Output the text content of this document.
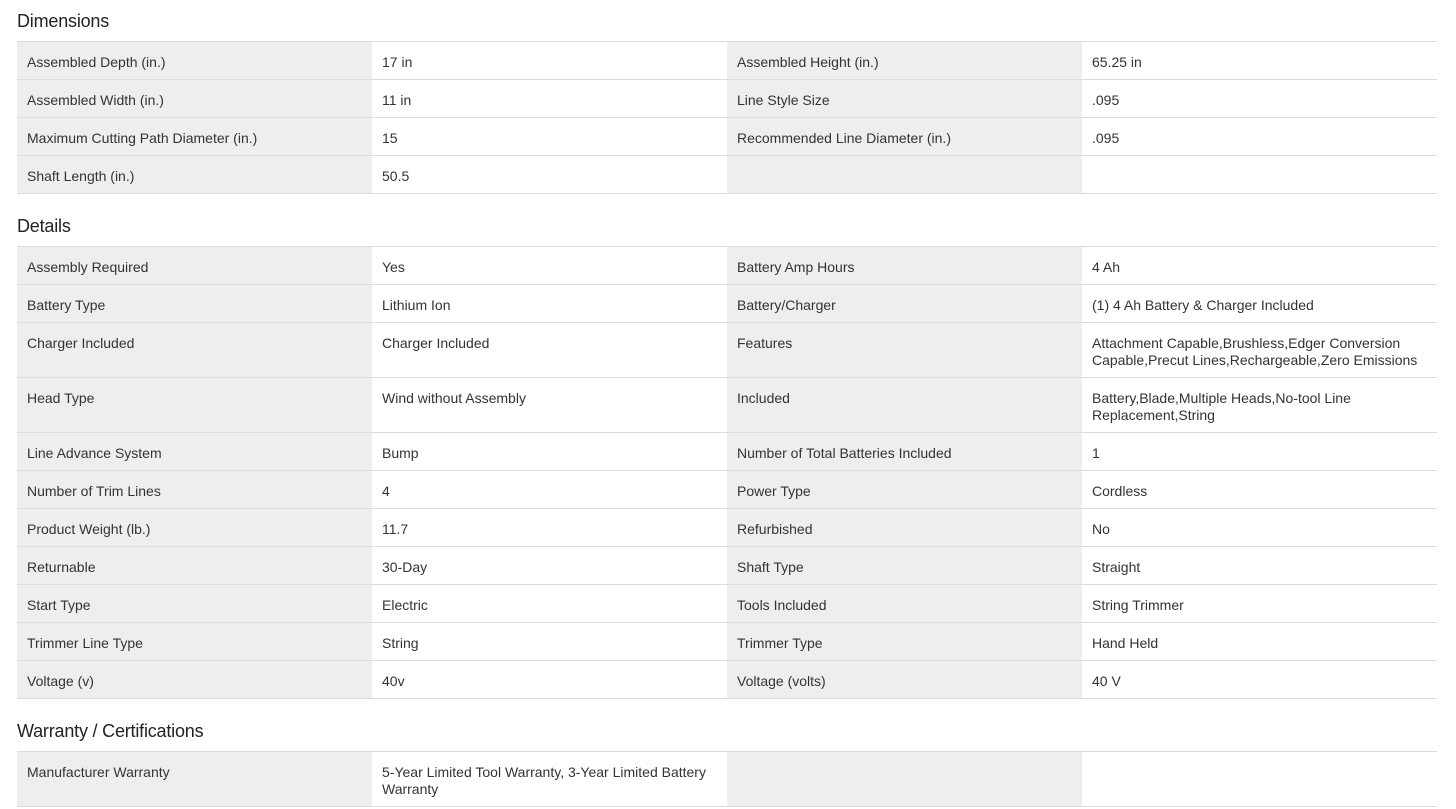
Dimensions
Assembled Depth (in.)	17 in	Assembled Height (in.)	65.25 in
Assembled Width (in.)	11 in	Line Style Size	.095
Maximum Cutting Path Diameter (in.)	15	Recommended Line Diameter (in.)	.095
Shaft Length (in.)	50.5
Details
Assembly Required	Yes	Battery Amp Hours	4 Ah
Battery Type	Lithium Ion	Battery/Charger	(1) 4 Ah Battery & Charger Included
Charger Included	Charger Included	Features	Attachment Capable,Brushless,Edger Conversion Capable,Precut Lines,Rechargeable,Zero Emissions
Head Type	Wind without Assembly	Included	Battery,Blade,Multiple Heads,No-tool Line Replacement,String
Line Advance System	Bump	Number of Total Batteries Included	1
Number of Trim Lines	4	Power Type	Cordless
Product Weight (lb.)	11.7	Refurbished	No
Returnable	30-Day	Shaft Type	Straight
Start Type	Electric	Tools Included	String Trimmer
Trimmer Line Type	String	Trimmer Type	Hand Held
Voltage (v)	40v	Voltage (volts)	40 V
Warranty / Certifications
Manufacturer Warranty	5-Year Limited Tool Warranty, 3-Year Limited Battery Warranty
